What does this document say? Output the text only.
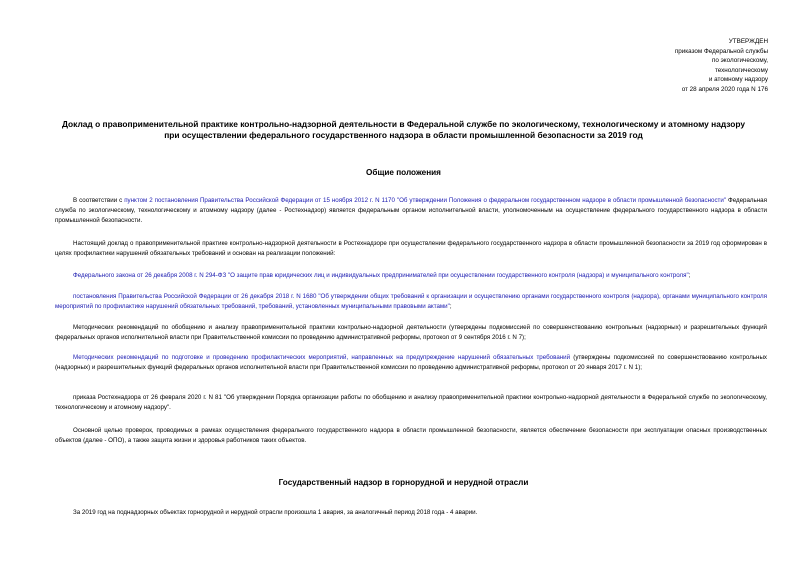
УТВЕРЖДЕН
приказом Федеральной службы
по экологическому,
технологическому
и атомному надзору
от 28 апреля 2020 года N 176
Доклад о правоприменительной практике контрольно-надзорной деятельности в Федеральной службе по экологическому, технологическому и атомному надзору
при осуществлении федерального государственного надзора в области промышленной безопасности за 2019 год
Общие положения
В соответствии с пунктом 2 постановления Правительства Российской Федерации от 15 ноября 2012 г. N 1170 "Об утверждении Положения о федеральном государственном надзоре в области промышленной безопасности" Федеральная служба по экологическому, технологическому и атомному надзору (далее - Ростехнадзор) является федеральным органом исполнительной власти, уполномоченным на осуществление федерального государственного надзора в области промышленной безопасности.
Настоящий доклад о правоприменительной практике контрольно-надзорной деятельности в Ростехнадзоре при осуществлении федерального государственного надзора в области промышленной безопасности за 2019 год сформирован в целях профилактики нарушений обязательных требований и основан на реализации положений:
Федерального закона от 26 декабря 2008 г. N 294-ФЗ "О защите прав юридических лиц и индивидуальных предпринимателей при осуществлении государственного контроля (надзора) и муниципального контроля";
постановления Правительства Российской Федерации от 26 декабря 2018 г. N 1680 "Об утверждении общих требований к организации и осуществлению органами государственного контроля (надзора), органами муниципального контроля мероприятий по профилактике нарушений обязательных требований, требований, установленных муниципальными правовыми актами";
Методических рекомендаций по обобщению и анализу правоприменительной практики контрольно-надзорной деятельности (утверждены подкомиссией по совершенствованию контрольных (надзорных) и разрешительных функций федеральных органов исполнительной власти при Правительственной комиссии по проведению административной реформы, протокол от 9 сентября 2016 г. N 7);
Методических рекомендаций по подготовке и проведению профилактических мероприятий, направленных на предупреждение нарушений обязательных требований (утверждены подкомиссией по совершенствованию контрольных (надзорных) и разрешительных функций федеральных органов исполнительной власти при Правительственной комиссии по проведению административной реформы, протокол от 20 января 2017 г. N 1);
приказа Ростехнадзора от 26 февраля 2020 г. N 81 "Об утверждении Порядка организации работы по обобщению и анализу правоприменительной практики контрольно-надзорной деятельности в Федеральной службе по экологическому, технологическому и атомному надзору".
Основной целью проверок, проводимых в рамках осуществления федерального государственного надзора в области промышленной безопасности, является обеспечение безопасности при эксплуатации опасных производственных объектов (далее - ОПО), а также защита жизни и здоровья работников таких объектов.
Государственный надзор в горнорудной и нерудной отрасли
За 2019 год на поднадзорных объектах горнорудной и нерудной отрасли произошла 1 авария, за аналогичный период 2018 года - 4 аварии.
